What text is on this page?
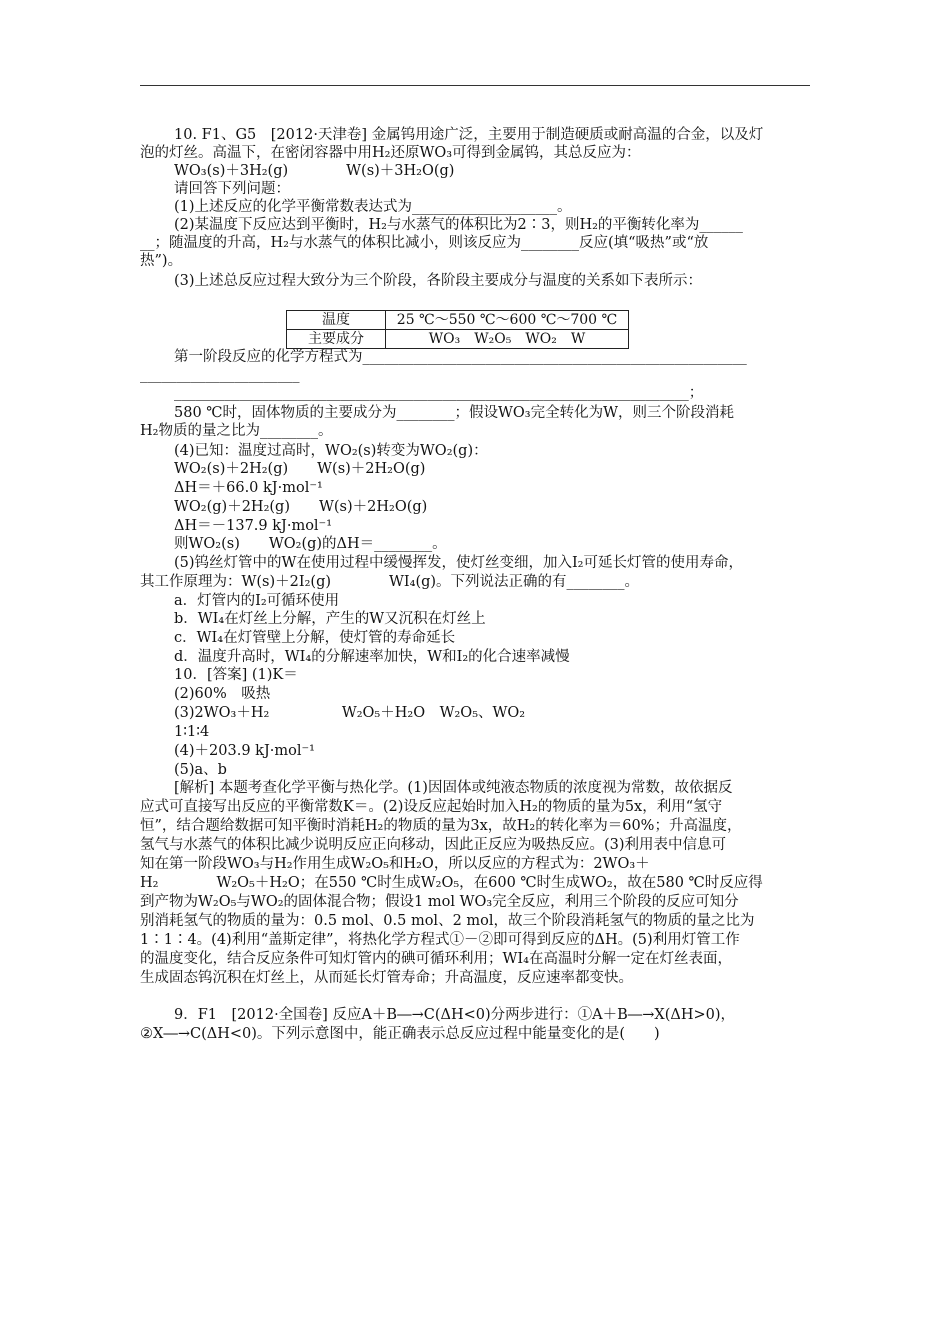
10. F1、G5　[2012·天津卷] 金属钨用途广泛，主要用于制造硬质或耐高温的合金，以及灯
泡的灯丝。高温下，在密闭容器中用H₂还原WO₃可得到金属钨，其总反应为：
WO₃(s)＋3H₂(g)　　　　W(s)＋3H₂O(g)
请回答下列问题：
(1)上述反应的化学平衡常数表达式为____________________。
(2)某温度下反应达到平衡时，H₂与水蒸气的体积比为2∶3，则H₂的平衡转化率为______
__；随温度的升高，H₂与水蒸气的体积比减小，则该反应为________反应(填“吸热”或“放
热”)。
(3)上述总反应过程大致分为三个阶段，各阶段主要成分与温度的关系如下表所示：
第一阶段反应的化学方程式为_____________________________________________________
______________________
_______________________________________________________________________；
580 ℃时，固体物质的主要成分为________；假设WO₃完全转化为W，则三个阶段消耗
H₂物质的量之比为________。
(4)已知：温度过高时，WO₂(s)转变为WO₂(g)：
WO₂(s)＋2H₂(g)　　W(s)＋2H₂O(g)
ΔH＝＋66.0 kJ·mol⁻¹
WO₂(g)＋2H₂(g)　　W(s)＋2H₂O(g)
ΔH＝－137.9 kJ·mol⁻¹
则WO₂(s)　　WO₂(g)的ΔH＝________。
(5)钨丝灯管中的W在使用过程中缓慢挥发，使灯丝变细，加入I₂可延长灯管的使用寿命，
其工作原理为：W(s)＋2I₂(g)　　　　WI₄(g)。下列说法正确的有________。
a．灯管内的I₂可循环使用
b．WI₄在灯丝上分解，产生的W又沉积在灯丝上
c．WI₄在灯管壁上分解，使灯管的寿命延长
d．温度升高时，WI₄的分解速率加快，W和I₂的化合速率减慢
10．[答案] (1)K＝
(2)60%　吸热
(3)2WO₃＋H₂　　　　　W₂O₅＋H₂O　W₂O₅、WO₂
1∶1∶4
(4)＋203.9 kJ·mol⁻¹
(5)a、b
[解析] 本题考查化学平衡与热化学。(1)因固体或纯液态物质的浓度视为常数，故依据反
应式可直接写出反应的平衡常数K＝。(2)设反应起始时加入H₂的物质的量为5x，利用“氢守
恒”，结合题给数据可知平衡时消耗H₂的物质的量为3x，故H₂的转化率为＝60%；升高温度，
氢气与水蒸气的体积比减少说明反应正向移动，因此正反应为吸热反应。(3)利用表中信息可
知在第一阶段WO₃与H₂作用生成W₂O₅和H₂O，所以反应的方程式为：2WO₃＋
H₂　　　　W₂O₅＋H₂O；在550 ℃时生成W₂O₅，在600 ℃时生成WO₂，故在580 ℃时反应得
到产物为W₂O₅与WO₂的固体混合物；假设1 mol WO₃完全反应，利用三个阶段的反应可知分
别消耗氢气的物质的量为：0.5 mol、0.5 mol、2 mol，故三个阶段消耗氢气的物质的量之比为
1∶1∶4。(4)利用“盖斯定律”，将热化学方程式①－②即可得到反应的ΔH。(5)利用灯管工作
的温度变化，结合反应条件可知灯管内的碘可循环利用；WI₄在高温时分解一定在灯丝表面，
生成固态钨沉积在灯丝上，从而延长灯管寿命；升高温度，反应速率都变快。
9．F1　[2012·全国卷] 反应A＋B―→C(ΔH<0)分两步进行：①A＋B―→X(ΔH>0)，
②X―→C(ΔH<0)。下列示意图中，能正确表示总反应过程中能量变化的是(　　)
温度	25 ℃～550 ℃～600 ℃～700 ℃
主要成分	WO₃　W₂O₅　WO₂　W
